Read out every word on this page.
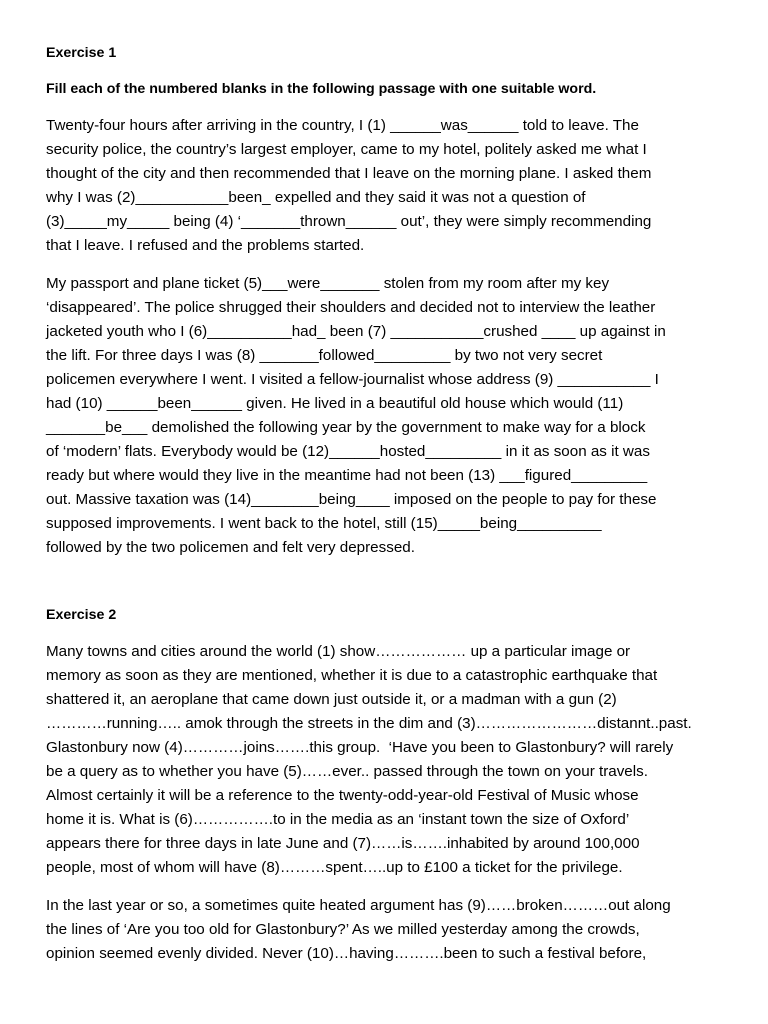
Exercise 1

Fill each of the numbered blanks in the following passage with one suitable word.

Twenty-four hours after arriving in the country, I (1) ______was______ told to leave. The
security police, the country’s largest employer, came to my hotel, politely asked me what I
thought of the city and then recommended that I leave on the morning plane. I asked them
why I was (2)___________been_ expelled and they said it was not a question of
(3)_____my_____ being (4) ‘_______thrown______ out’, they were simply recommending
that I leave. I refused and the problems started.

My passport and plane ticket (5)___were_______ stolen from my room after my key
‘disappeared’. The police shrugged their shoulders and decided not to interview the leather
jacketed youth who I (6)__________had_ been (7) ___________crushed ____ up against in
the lift. For three days I was (8) _______followed_________ by two not very secret
policemen everywhere I went. I visited a fellow-journalist whose address (9) ___________ I
had (10) ______been______ given. He lived in a beautiful old house which would (11)
_______be___ demolished the following year by the government to make way for a block
of ‘modern’ flats. Everybody would be (12)______hosted_________ in it as soon as it was
ready but where would they live in the meantime had not been (13) ___figured_________
out. Massive taxation was (14)________being____ imposed on the people to pay for these
supposed improvements. I went back to the hotel, still (15)_____being__________
followed by the two policemen and felt very depressed.

Exercise 2

Many towns and cities around the world (1) show……………… up a particular image or
memory as soon as they are mentioned, whether it is due to a catastrophic earthquake that
shattered it, an aeroplane that came down just outside it, or a madman with a gun (2)
…………running….. amok through the streets in the dim and (3)……………………distannt..past.
Glastonbury now (4)…………joins…….this group.  ‘Have you been to Glastonbury? will rarely
be a query as to whether you have (5)……ever.. passed through the town on your travels.
Almost certainly it will be a reference to the twenty-odd-year-old Festival of Music whose
home it is. What is (6)…………….to in the media as an ‘instant town the size of Oxford’
appears there for three days in late June and (7)……is…….inhabited by around 100,000
people, most of whom will have (8)………spent…..up to £100 a ticket for the privilege.

In the last year or so, a sometimes quite heated argument has (9)……broken………out along
the lines of ‘Are you too old for Glastonbury?’ As we milled yesterday among the crowds,
opinion seemed evenly divided. Never (10)…having……….been to such a festival before,
